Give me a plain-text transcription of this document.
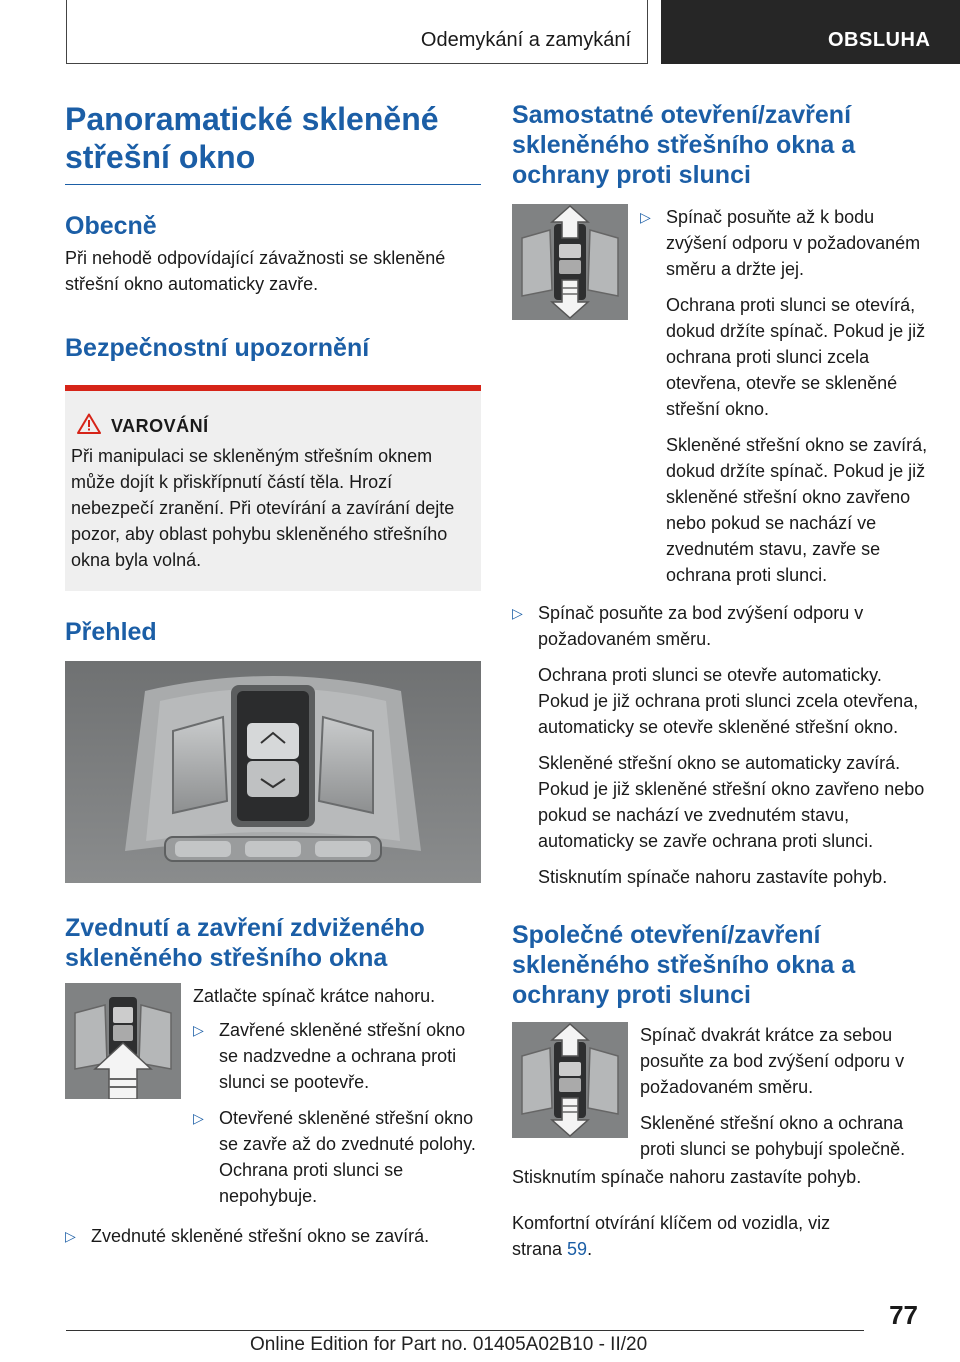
Odemykání a zamykání	OBSLUHA
Panoramatické skleněné střešní okno
Obecně

Při nehodě odpovídající závažnosti se skleněné střešní okno automaticky zavře.

Bezpečnostní upozornění
VAROVÁNÍ

Při manipulaci se skleněným střešním oknem může dojít k přiskřípnutí částí těla. Hrozí nebezpečí zranění. Při otevírání a zavírání dejte pozor, aby oblast pohybu skleněného střešního okna byla volná.

Přehled
Zvednutí a zavření zdviženého skleněného střešního okna

Zatlačte spínač krátce nahoru.

▷ Zavřené skleněné střešní okno se nadzvedne a ochrana proti slunci se pootevře.

▷ Otevřené skleněné střešní okno se zavře až do zvednuté polohy. Ochrana proti slunci se nepohybuje.

▷ Zvednuté skleněné střešní okno se zavírá.

Samostatné otevření/zavření skleněného střešního okna a ochrany proti slunci
▷ Spínač posuňte až k bodu zvýšení odporu v požadovaném směru a držte jej.

Ochrana proti slunci se otevírá, dokud držíte spínač. Pokud je již ochrana proti slunci zcela otevřena, otevře se skleněné střešní okno.

Skleněné střešní okno se zavírá, dokud držíte spínač. Pokud je již skleněné střešní okno zavřeno nebo pokud se nachází ve zvednutém stavu, zavře se ochrana proti slunci.

▷ Spínač posuňte za bod zvýšení odporu v požadovaném směru.

Ochrana proti slunci se otevře automaticky. Pokud je již ochrana proti slunci zcela otevřena, automaticky se otevře skleněné střešní okno.

Skleněné střešní okno se automaticky zavírá. Pokud je již skleněné střešní okno zavřeno nebo pokud se nachází ve zvednutém stavu, automaticky se zavře ochrana proti slunci.

Stisknutím spínače nahoru zastavíte pohyb.

Společné otevření/zavření skleněného střešního okna a ochrany proti slunci

Spínač dvakrát krátce za sebou posuňte za bod zvýšení odporu v požadovaném směru.

Skleněné střešní okno a ochrana proti slunci se pohybují společně.

Stisknutím spínače nahoru zastavíte pohyb.

Komfortní otvírání klíčem od vozidla, viz strana 59.

77
Online Edition for Part no. 01405A02B10 - II/20
